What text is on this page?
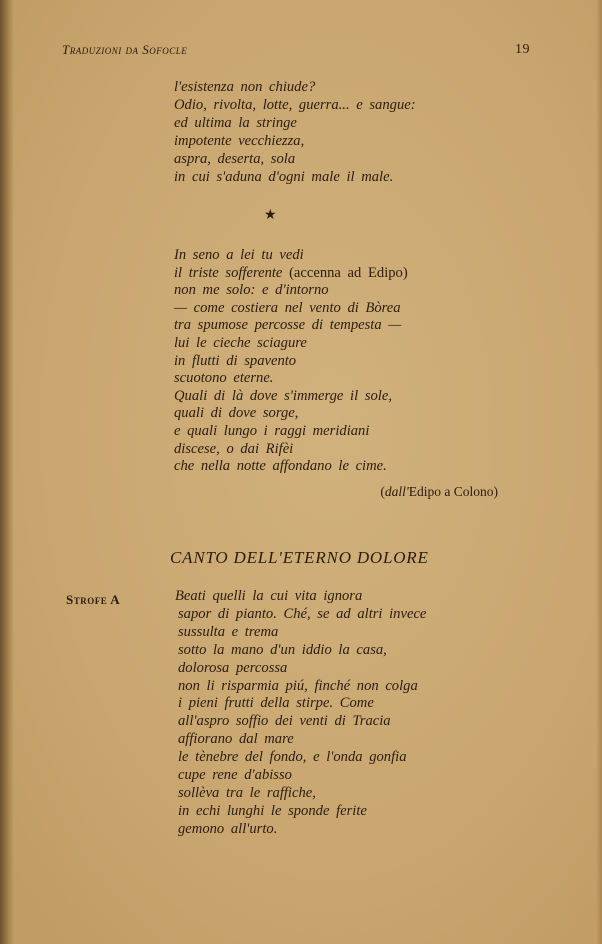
Traduzioni da Sofocle	19
l'esistenza non chiude?
Odio, rivolta, lotte, guerra... e sangue:
ed ultima la stringe
impotente vecchiezza,
aspra, deserta, sola
in cui s'aduna d'ogni male il male.
★
In seno a lei tu vedi
il triste sofferente (accenna ad Edipo)
non me solo: e d'intorno
— come costiera nel vento di Bòrea
tra spumose percosse di tempesta —
lui le cieche sciagure
in flutti di spavento
scuotono eterne.
Quali di là dove s'immerge il sole,
quali di dove sorge,
e quali lungo i raggi meridiani
discese, o dai Rifèi
che nella notte affondano le cime.
(dall'Edipo a Colono)
CANTO DELL'ETERNO DOLORE
Strofe A	Beati quelli la cui vita ignora
sapor di pianto. Ché, se ad altri invece
sussulta e trema
sotto la mano d'un iddio la casa,
dolorosa percossa
non li risparmia piú, finché non colga
i pieni frutti della stirpe. Come
all'aspro soffio dei venti di Tracia
affiorano dal mare
le tènebre del fondo, e l'onda gonfia
cupe rene d'abisso
sollèva tra le raffiche,
in echi lunghi le sponde ferite
gemono all'urto.
